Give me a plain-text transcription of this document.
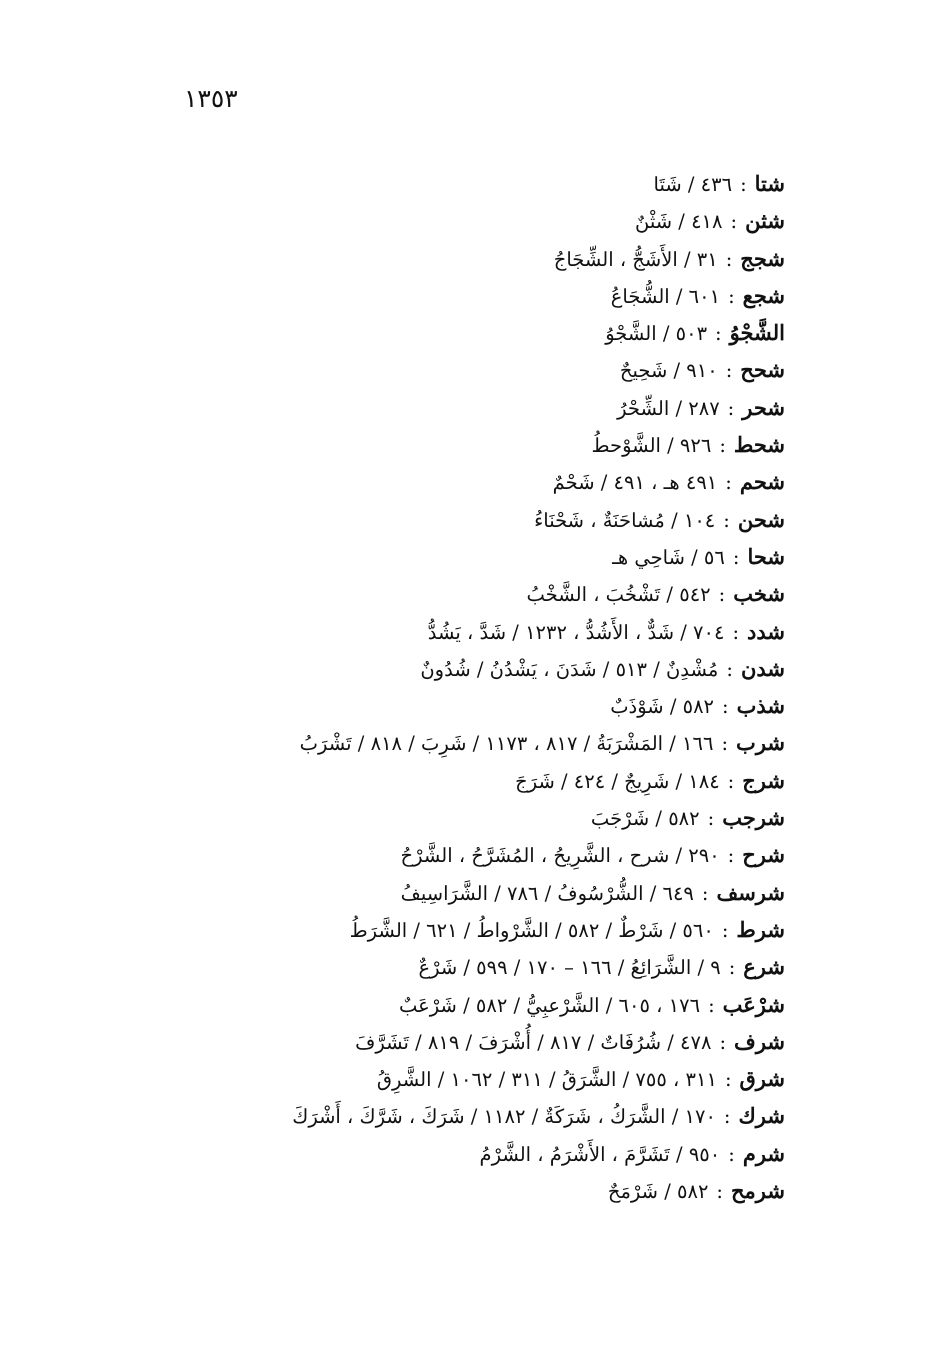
١٣٥٣
شتا:٤٣٦ / شَتَا
شثن:٤١٨ / شَثْنٌ
شجج:٣١ / الأَشَجُّ ، الشِّجَاجُ
شجع:٦٠١ / الشُّجَاعُ
الشَّجْوُ:٥٠٣ / الشَّجْوُ
شحح:٩١٠ / شَحِيحٌ
شحر:٢٨٧ / الشِّحْرُ
شحط:٩٢٦ / الشَّوْحطُ
شحم:٤٩١ هـ ، ٤٩١ / شَحْمٌ
شحن:١٠٤ / مُشاحَنَةٌ ، شَحْنَاءُ
شحا:٥٦ / شَاحِي هـ
شخب:٥٤٢ / تَشْخُبَ ، الشَّخْبُ
شدد:٧٠٤ / شَدٌّ ، الأَشُدُّ ، ١٢٣٢ / شَدَّ ، يَشُدُّ
شدن:مُشْدِنٌ / ٥١٣ / شَدَنَ ، يَشْدُنُ / شُدُونٌ
شذب:٥٨٢ / شَوْذَبٌ
شرب:١٦٦ / المَشْرَبَةُ / ٨١٧ ، ١١٧٣ / شَرِبَ / ٨١٨ / تَشْرَبُ
شرج:١٨٤ / شَرِيجٌ / ٤٢٤ / شَرَجَ
شرجب:٥٨٢ / شَرْجَبَ
شرح:٢٩٠ / شرح ، الشَّرِيحُ ، المُشَرَّحُ ، الشَّرْحُ
شرسف:٦٤٩ / الشُّرْسُوفُ / ٧٨٦ / الشَّرَاسِيفُ
شرط:٥٦٠ / شَرْطٌ / ٥٨٢ / الشَّرْواطُ / ٦٢١ / الشَّرَطُ
شرع:٩ / الشَّرَائِعُ / ١٦٦ – ١٧٠ / ٥٩٩ / شَرْعٌ
شرْعَب:١٧٦ ، ٦٠٥ / الشَّرْعبِيُّ / ٥٨٢ / شَرْعَبٌ
شرف:٤٧٨ / شُرُفَاتٌ / ٨١٧ / أُشْرَفَ / ٨١٩ / تَشَرَّفَ
شرق:٣١١ ، ٧٥٥ / الشَّرَقُ / ٣١١ / ١٠٦٢ / الشَّرِقُ
شرك:١٧٠ / الشَّرَكُ ، شَرَكَةٌ / ١١٨٢ / شَرَكَ ، شَرَّكَ ، أَشْرَكَ
شرم:٩٥٠ / تَشَرَّمَ ، الأَشْرَمُ ، الشَّرْمُ
شرمح:٥٨٢ / شَرْمَحٌ
